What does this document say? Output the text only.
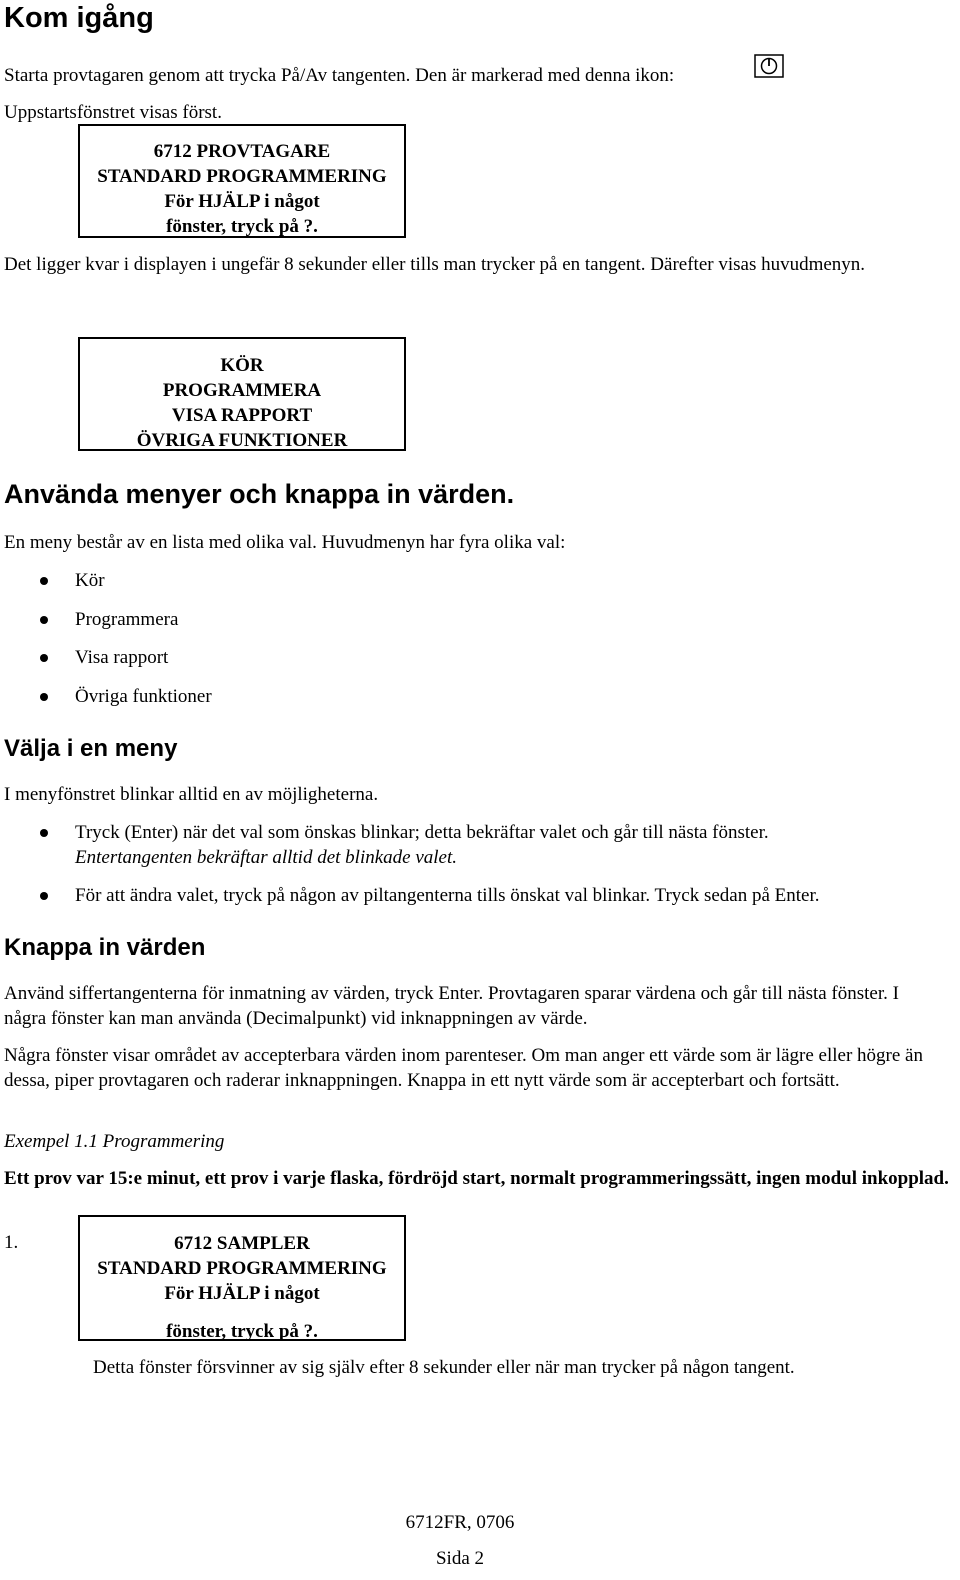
Kom igång

Starta provtagaren genom att trycka På/Av tangenten. Den är markerad med denna ikon:

Uppstartsfönstret visas först.

6712 PROVTAGARE
STANDARD PROGRAMMERING
För HJÄLP i något
fönster, tryck på ?.

Det ligger kvar i displayen i ungefär 8 sekunder eller tills man trycker på en tangent. Därefter visas huvudmenyn.

KÖR
PROGRAMMERA
VISA RAPPORT
ÖVRIGA FUNKTIONER
Använda menyer och knappa in värden.

En meny består av en lista med olika val. Huvudmenyn har fyra olika val:

Kör

Programmera

Visa rapport

Övriga funktioner

Välja i en meny

I menyfönstret blinkar alltid en av möjligheterna.

Tryck (Enter) när det val som önskas blinkar; detta bekräftar valet och går till nästa fönster.

Entertangenten bekräftar alltid det blinkade valet.

För att ändra valet, tryck på någon av piltangenterna tills önskat val blinkar. Tryck sedan på Enter.

Knappa in värden

Använd siffertangenterna för inmatning av värden, tryck Enter. Provtagaren sparar värdena och går till nästa fönster. I några fönster kan man använda (Decimalpunkt) vid inknappningen av värde.

Några fönster visar området av accepterbara värden inom parenteser. Om man anger ett värde som är lägre eller högre än dessa, piper provtagaren och raderar inknappningen. Knappa in ett nytt värde som är accepterbart och fortsätt.

Exempel 1.1 Programmering

Ett prov var 15:e minut, ett prov i varje flaska, fördröjd start, normalt programmeringssätt, ingen modul inkopplad.

1.	6712 SAMPLER
STANDARD PROGRAMMERING
För HJÄLP i något
fönster, tryck på ?.

Detta fönster försvinner av sig själv efter 8 sekunder eller när man trycker på någon tangent.

6712FR, 0706

Sida 2
